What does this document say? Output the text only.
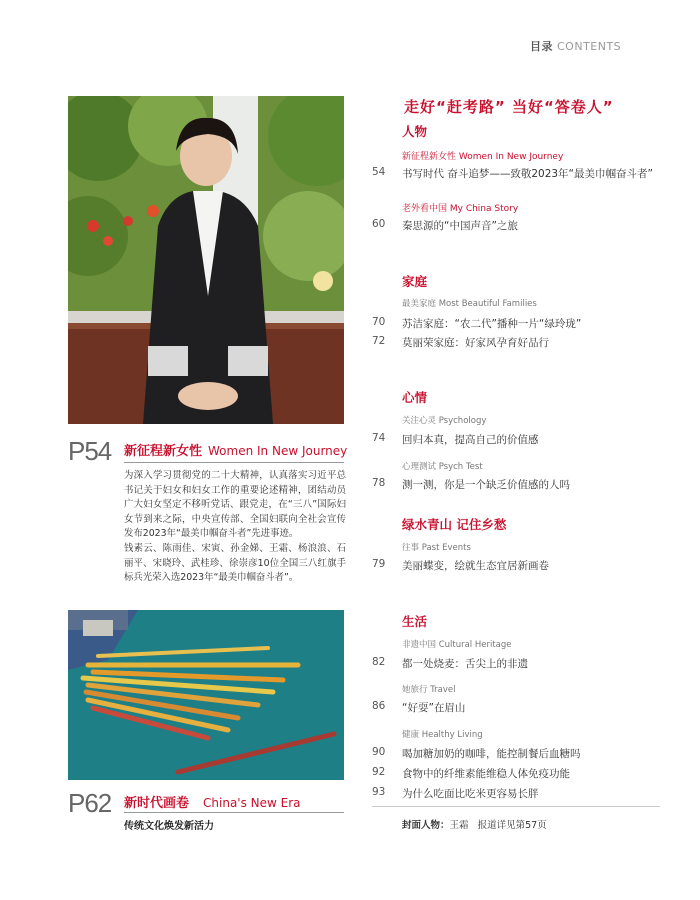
目录 CONTENTS
P54 新征程新女性 Women In New Journey
为深入学习贯彻党的二十大精神，认真落实习近平总书记关于妇女和妇女工作的重要论述精神，团结动员广大妇女坚定不移听党话、跟党走，在“三八”国际妇女节到来之际，中央宣传部、全国妇联向全社会宣传发布2023年“最美巾帼奋斗者”先进事迹。
钱素云、陈雨佳、宋寅、孙金娣、王霜、杨浪浪、石丽平、宋晓玲、武桂珍、徐崇彦10位全国三八红旗手标兵光荣入选2023年“最美巾帼奋斗者”。
P62 新时代画卷 China's New Era
传统文化焕发新活力
走好“赶考路” 当好“答卷人”
人物
新征程新女性 Women In New Journey
54	书写时代 奋斗追梦——致敬2023年“最美巾帼奋斗者”
老外看中国 My China Story
60	秦思源的“中国声音”之旅
家庭
最美家庭 Most Beautiful Families
70	苏洁家庭：“农二代”播种一片“绿玲珑”
72	莫丽荣家庭：好家风孕育好品行
心情
关注心灵 Psychology
74	回归本真，提高自己的价值感
心理测试 Psych Test
78	测一测，你是一个缺乏价值感的人吗
绿水青山 记住乡愁
往事 Past Events
79	美丽蝶变，绘就生态宜居新画卷
生活
非遗中国 Cultural Heritage
82	都一处烧麦：舌尖上的非遗
她旅行 Travel
86	“好耍”在眉山
健康 Healthy Living
90	喝加糖加奶的咖啡，能控制餐后血糖吗
92	食物中的纤维素能维稳人体免疫功能
93	为什么吃面比吃米更容易长胖
封面人物：王霜 报道详见第57页
